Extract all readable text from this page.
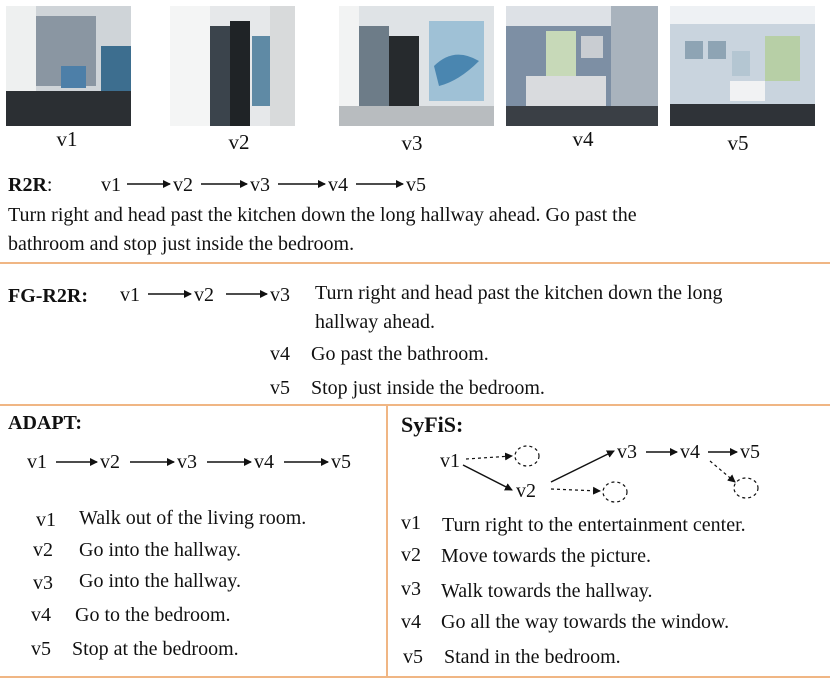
v1	v2	v3	v4	v5
R2R: v1	v2	v3	v4	v5
Turn right and head past the kitchen down the long hallway ahead. Go past the
bathroom and stop just inside the bedroom.
FG-R2R: v1	v2	v3 Turn right and head past the kitchen down the long
hallway ahead.
v4 Go past the bathroom.
v5 Stop just inside the bedroom.
ADAPT:
v1	v2	v3	v4	v5
v1 Walk out of the living room.
v2 Go into the hallway.
v3 Go into the hallway.
v4 Go to the bedroom.
v5 Stop at the bedroom.
SyFiS:
v1
v2
v3 v4 v5
v1 Turn right to the entertainment center.
v2 Move towards the picture.
v3 Walk towards the hallway.
v4 Go all the way towards the window.
v5 Stand in the bedroom.
